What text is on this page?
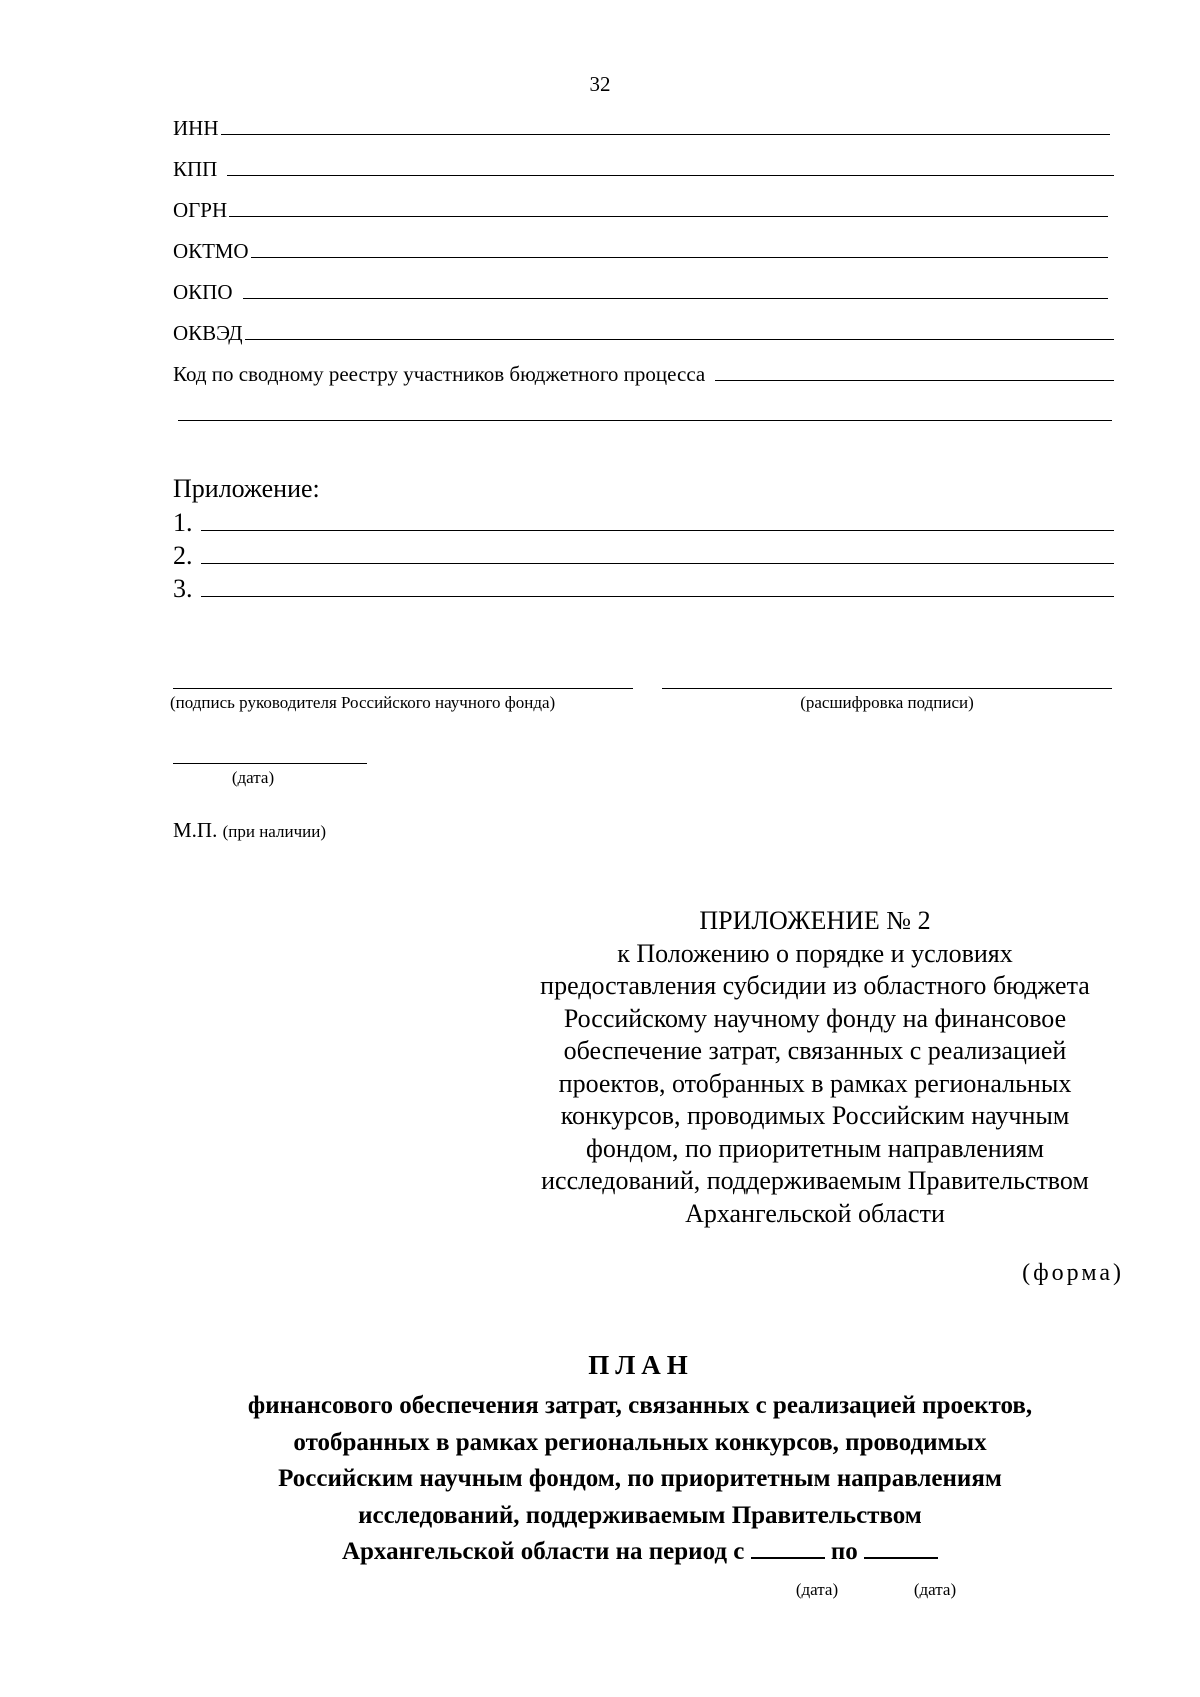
32
ИНН
КПП
ОГРН
ОКТМО
ОКПО
ОКВЭД
Код по сводному реестру участников бюджетного процесса
Приложение:
1.
2.
3.
(подпись руководителя Российского научного фонда)	(расшифровка подписи)
(дата)
М.П. (при наличии)
ПРИЛОЖЕНИЕ № 2
к Положению о порядке и условиях
предоставления субсидии из областного бюджета
Российскому научному фонду на финансовое
обеспечение затрат, связанных с реализацией
проектов, отобранных в рамках региональных
конкурсов, проводимых Российским научным
фондом, по приоритетным направлениям
исследований, поддерживаемым Правительством
Архангельской области
(форма)
ПЛАН
финансового обеспечения затрат, связанных с реализацией проектов,
отобранных в рамках региональных конкурсов, проводимых
Российским научным фондом, по приоритетным направлениям
исследований, поддерживаемым Правительством
Архангельской области на период с	по
(дата)	(дата)
